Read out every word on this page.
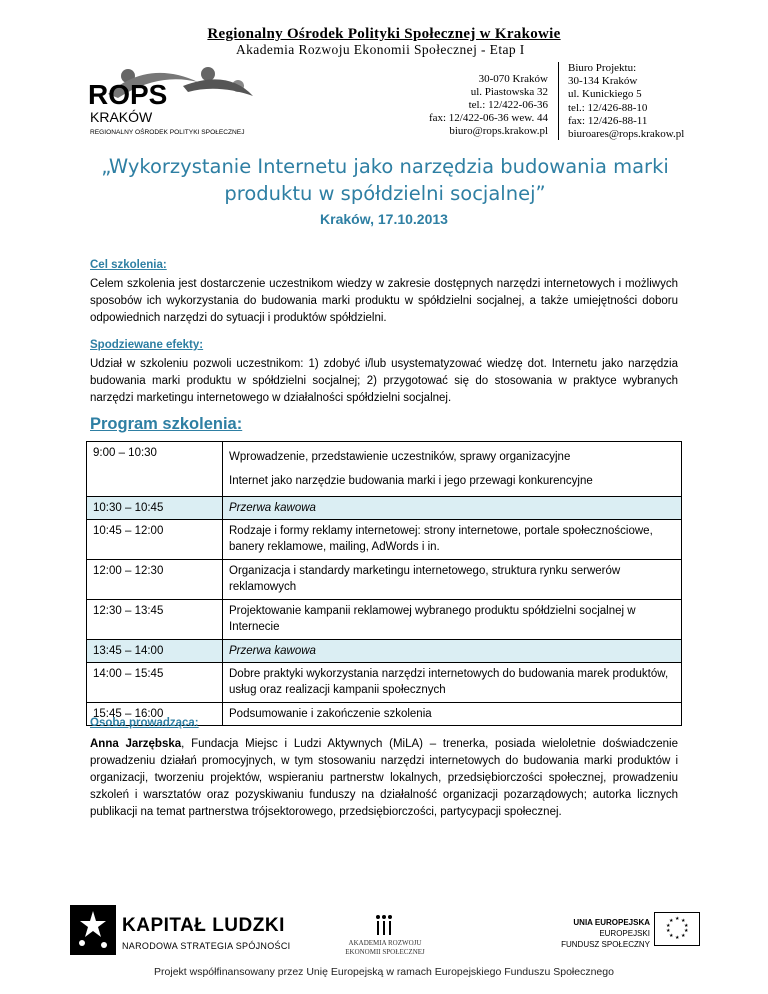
Regionalny Ośrodek Polityki Społecznej w Krakowie
Akademia Rozwoju Ekonomii Społecznej - Etap I
ROPS
KRAKÓW
REGIONALNY OŚRODEK POLITYKI SPOŁECZNEJ
30-070 Kraków
ul. Piastowska 32
tel.: 12/422-06-36
fax: 12/422-06-36 wew. 44
biuro@rops.krakow.pl
Biuro Projektu:
30-134 Kraków
ul. Kunickiego 5
tel.: 12/426-88-10
fax: 12/426-88-11
biuroares@rops.krakow.pl
„Wykorzystanie Internetu jako narzędzia budowania marki
produktu w spółdzielni socjalnej”
Kraków, 17.10.2013
Cel szkolenia:
Celem szkolenia jest dostarczenie uczestnikom wiedzy w zakresie dostępnych narzędzi internetowych i możliwych sposobów ich wykorzystania do budowania marki produktu w spółdzielni socjalnej, a także umiejętności doboru odpowiednich narzędzi do sytuacji i produktów spółdzielni.
Spodziewane efekty:
Udział w szkoleniu pozwoli uczestnikom: 1) zdobyć i/lub usystematyzować wiedzę dot. Internetu jako narzędzia budowania marki produktu w spółdzielni socjalnej; 2) przygotować się do stosowania w praktyce wybranych narzędzi marketingu internetowego w działalności spółdzielni socjalnej.
Program szkolenia:
9:00 – 10:30	Wprowadzenie, przedstawienie uczestników, sprawy organizacyjne
Internet jako narzędzie budowania marki i jego przewagi konkurencyjne

10:30 – 10:45	Przerwa kawowa
10:45 – 12:00	Rodzaje i formy reklamy internetowej: strony internetowe, portale społecznościowe, banery reklamowe, mailing, AdWords i in.
12:00 – 12:30	Organizacja i standardy marketingu internetowego, struktura rynku serwerów reklamowych
12:30 – 13:45	Projektowanie kampanii reklamowej wybranego produktu spółdzielni socjalnej w Internecie
13:45 – 14:00	Przerwa kawowa
14:00 – 15:45	Dobre praktyki wykorzystania narzędzi internetowych do budowania marek produktów, usług oraz realizacji kampanii społecznych
15:45 – 16:00	Podsumowanie i zakończenie szkolenia
Osoba prowadząca:
Anna Jarzębska, Fundacja Miejsc i Ludzi Aktywnych (MiLA) – trenerka, posiada wieloletnie doświadczenie prowadzeniu działań promocyjnych, w tym stosowaniu narzędzi internetowych do budowania marki produktów i organizacji, tworzeniu projektów, wspieraniu partnerstw lokalnych, przedsiębiorczości społecznej, prowadzeniu szkoleń i warsztatów oraz pozyskiwaniu funduszy na działalność organizacji pozarządowych; autorka licznych publikacji na temat partnerstwa trójsektorowego, przedsiębiorczości, partycypacji społecznej.
KAPITAŁ LUDZKI
NARODOWA STRATEGIA SPÓJNOŚCI	AKADEMIA ROZWOJU
EKONOMII SPOŁECZNEJ
UNIA EUROPEJSKA
EUROPEJSKI
FUNDUSZ SPOŁECZNY
★ ★
★
★
★
★
★
★
★
★
Projekt współfinansowany przez Unię Europejską w ramach Europejskiego Funduszu Społecznego
